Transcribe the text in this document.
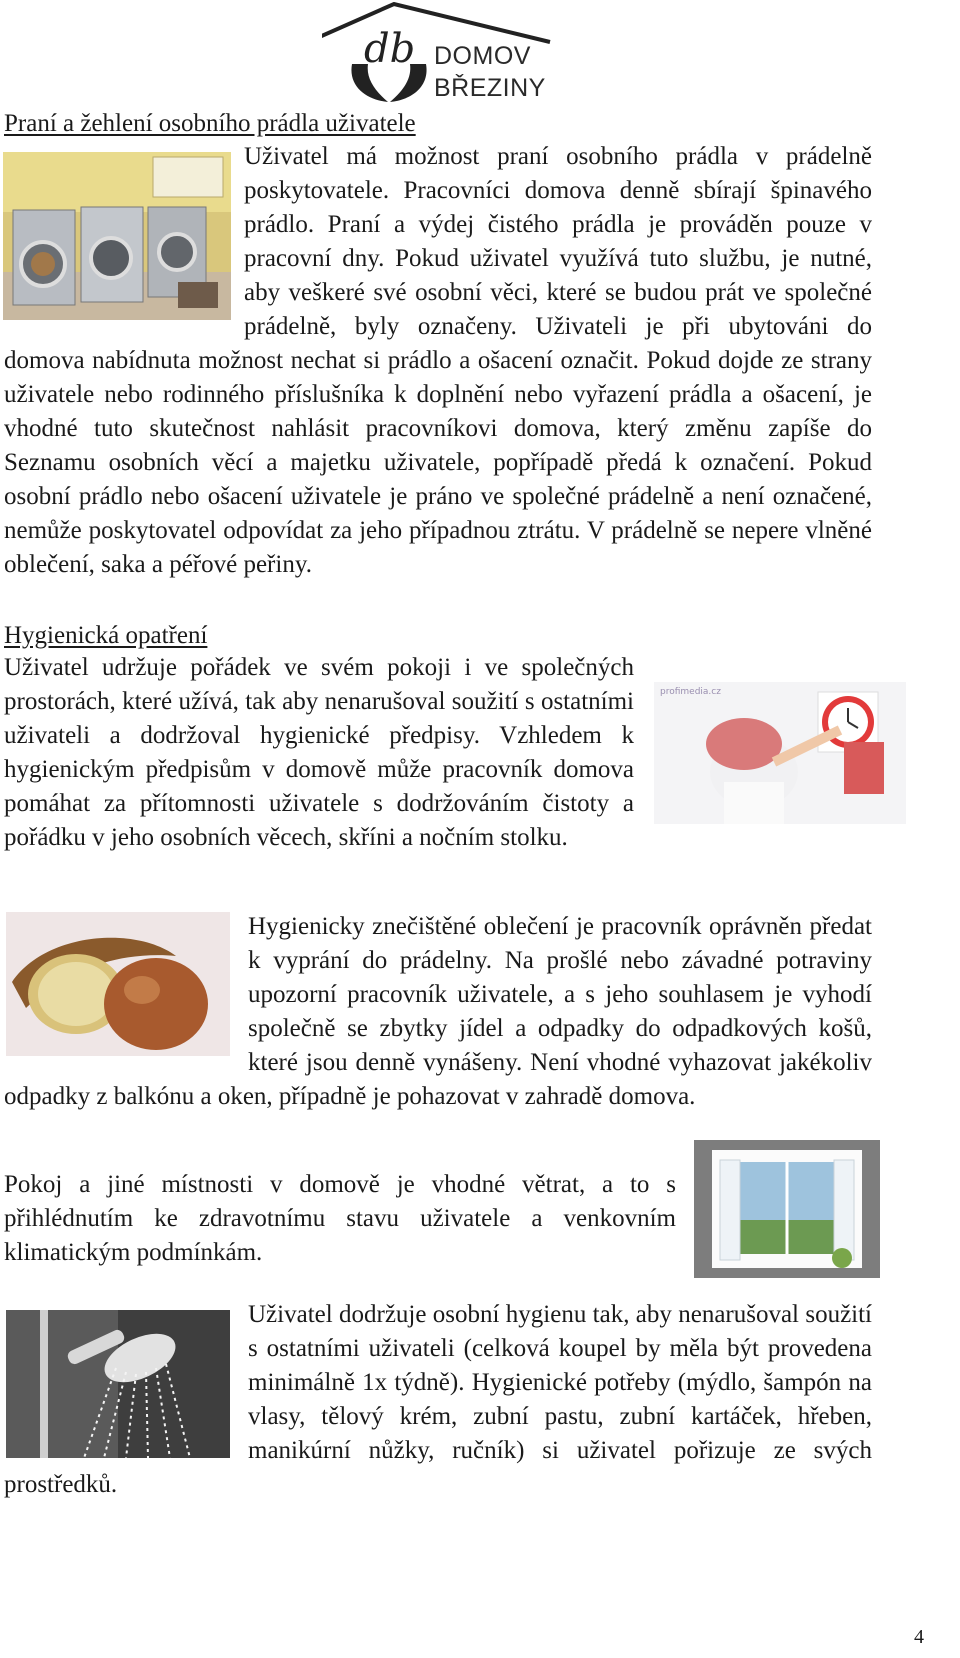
db DOMOV
BŘEZINY
Praní a žehlení osobního prádla uživatele

Uživatel má možnost praní osobního prádla v prádelně poskytovatele. Pracovníci domova denně sbírají špinavého prádlo. Praní a výdej čistého prádla je prováděn pouze v pracovní dny. Pokud uživatel využívá tuto službu, je nutné, aby veškeré své osobní věci, které se budou prát ve společné prádelně, byly označeny. Uživateli je při ubytováni do domova nabídnuta možnost nechat si prádlo a ošacení označit. Pokud dojde ze strany uživatele nebo rodinného příslušníka k doplnění nebo vyřazení prádla a ošacení, je vhodné tuto skutečnost nahlásit pracovníkovi domova, který změnu zapíše do Seznamu osobních věcí a majetku uživatele, popřípadě předá k označení. Pokud osobní prádlo nebo ošacení uživatele je práno ve společné prádelně a není označené, nemůže poskytovatel odpovídat za jeho případnou ztrátu. V prádelně se nepere vlněné oblečení, saka a péřové peřiny.

Hygienická opatření

Uživatel udržuje pořádek ve svém pokoji i ve společných prostorách, které užívá, tak aby nenarušoval soužití s ostatními uživateli a dodržoval hygienické předpisy. Vzhledem k hygienickým předpisům v domově může pracovník domova pomáhat za přítomnosti uživatele s dodržováním čistoty a pořádku v jeho osobních věcech, skříni a nočním stolku.

profimedia.cz

Hygienicky znečištěné oblečení je pracovník oprávněn předat k vyprání do prádelny. Na prošlé nebo závadné potraviny upozorní pracovník uživatele, a s jeho souhlasem je vyhodí společně se zbytky jídel a odpadky do odpadkových košů, které jsou denně vynášeny. Není vhodné vyhazovat jakékoliv odpadky z balkónu a oken, případně je pohazovat v zahradě domova.

Pokoj a jiné místnosti v domově je vhodné větrat, a to s přihlédnutím ke zdravotnímu stavu uživatele a venkovním klimatickým podmínkám.

Uživatel dodržuje osobní hygienu tak, aby nenarušoval soužití s ostatními uživateli (celková koupel by měla být provedena minimálně 1x týdně). Hygienické potřeby (mýdlo, šampón na vlasy, tělový krém, zubní pastu, zubní kartáček, hřeben, manikúrní nůžky, ručník) si uživatel pořizuje ze svých prostředků.

4
